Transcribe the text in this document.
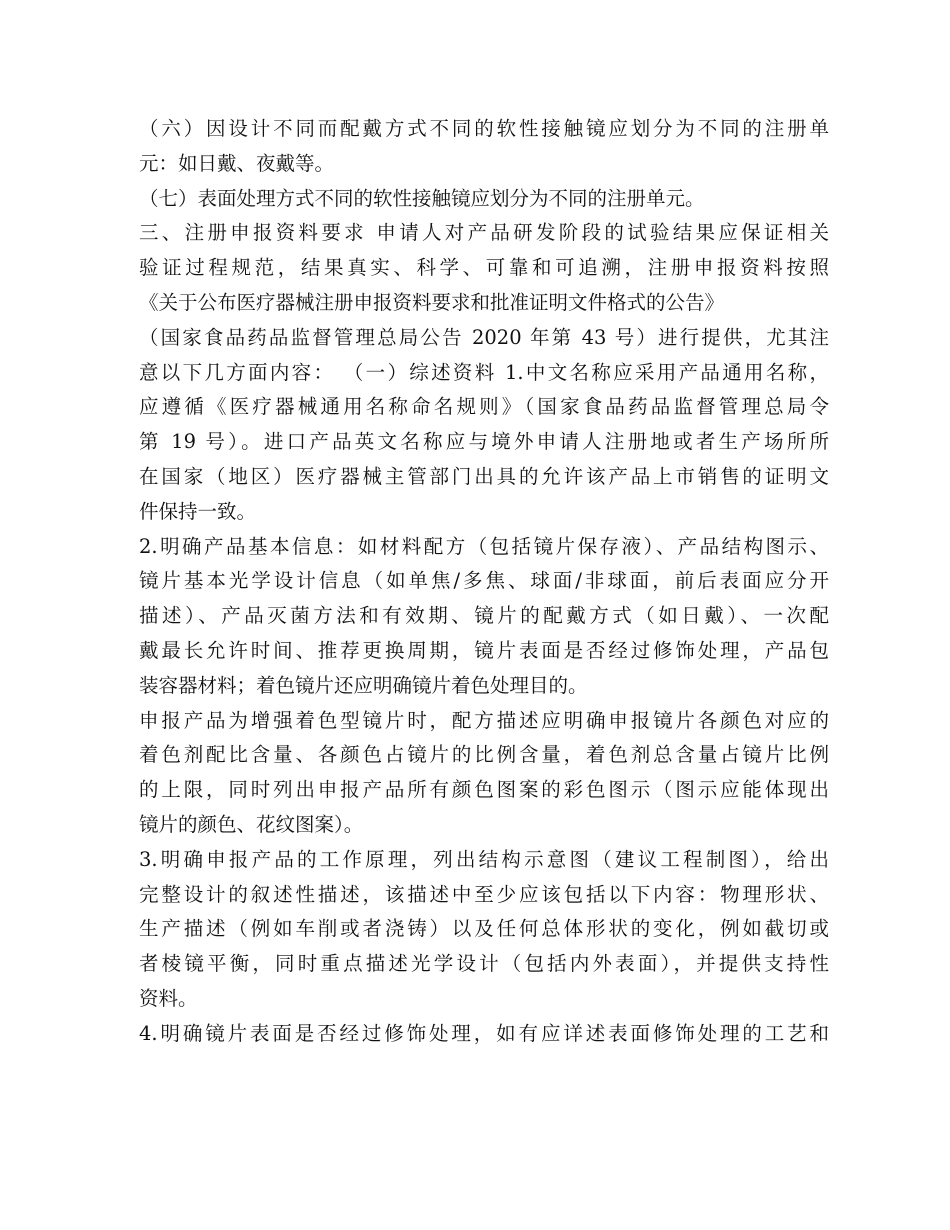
（六）因设计不同而配戴方式不同的软性接触镜应划分为不同的注册单
元：如日戴、夜戴等。
（七）表面处理方式不同的软性接触镜应划分为不同的注册单元。
三、注册申报资料要求 申请人对产品研发阶段的试验结果应保证相关
验证过程规范，结果真实、科学、可靠和可追溯，注册申报资料按照
《关于公布医疗器械注册申报资料要求和批准证明文件格式的公告》
（国家食品药品监督管理总局公告 2020 年第 43 号）进行提供，尤其注
意以下几方面内容： （一）综述资料 1.中文名称应采用产品通用名称，
应遵循《医疗器械通用名称命名规则》（国家食品药品监督管理总局令
第 19 号）。进口产品英文名称应与境外申请人注册地或者生产场所所
在国家（地区）医疗器械主管部门出具的允许该产品上市销售的证明文
件保持一致。
2.明确产品基本信息：如材料配方（包括镜片保存液）、产品结构图示、
镜片基本光学设计信息（如单焦/多焦、球面/非球面，前后表面应分开
描述）、产品灭菌方法和有效期、镜片的配戴方式（如日戴）、一次配
戴最长允许时间、推荐更换周期，镜片表面是否经过修饰处理，产品包
装容器材料；着色镜片还应明确镜片着色处理目的。
申报产品为增强着色型镜片时，配方描述应明确申报镜片各颜色对应的
着色剂配比含量、各颜色占镜片的比例含量，着色剂总含量占镜片比例
的上限，同时列出申报产品所有颜色图案的彩色图示（图示应能体现出
镜片的颜色、花纹图案）。
3.明确申报产品的工作原理，列出结构示意图（建议工程制图），给出
完整设计的叙述性描述，该描述中至少应该包括以下内容：物理形状、
生产描述（例如车削或者浇铸）以及任何总体形状的变化，例如截切或
者棱镜平衡，同时重点描述光学设计（包括内外表面），并提供支持性
资料。
4.明确镜片表面是否经过修饰处理，如有应详述表面修饰处理的工艺和
